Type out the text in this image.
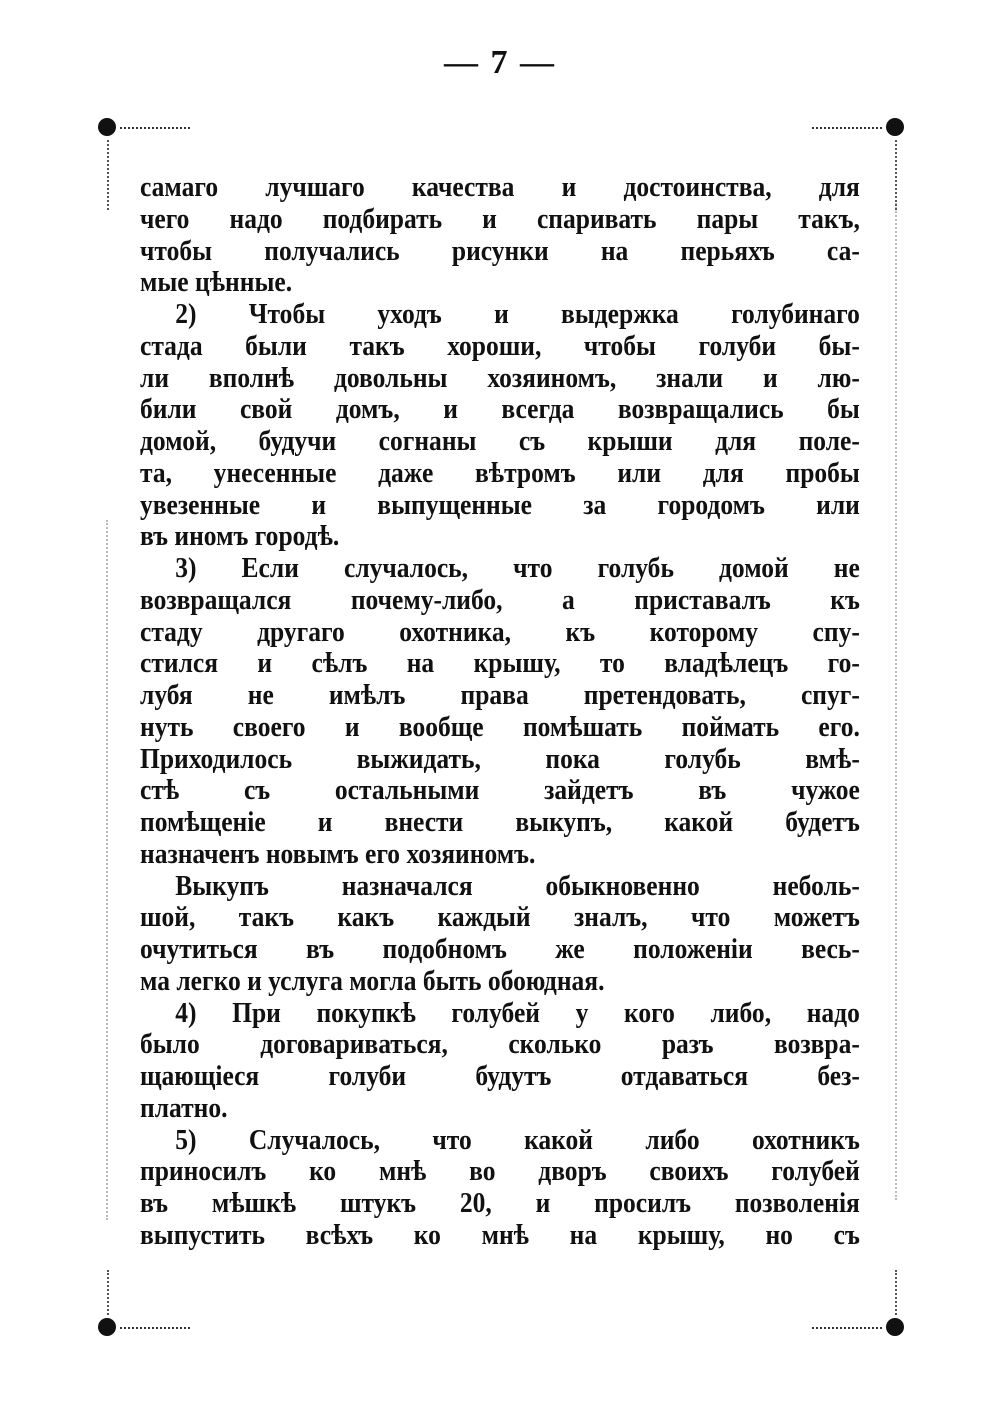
— 7 —
самаго лучшаго качества и достоинства, для
чего надо подбирать и спаривать пары такъ,
чтобы получались рисунки на перьяхъ са-
мые цѣнные.
2) Чтобы уходъ и выдержка голубинаго
стада были такъ хороши, чтобы голуби бы-
ли вполнѣ довольны хозяиномъ, знали и лю-
били свой домъ, и всегда возвращались бы
домой, будучи согнаны съ крыши для поле-
та, унесенные даже вѣтромъ или для пробы
увезенные и выпущенные за городомъ или
въ иномъ городѣ.
3) Если случалось, что голубь домой не
возвращался почему-либо, а приставалъ къ
стаду другаго охотника, къ которому спу-
стился и сѣлъ на крышу, то владѣлецъ го-
лубя не имѣлъ права претендовать, спуг-
нуть своего и вообще помѣшать поймать его.
Приходилось выжидать, пока голубь вмѣ-
стѣ съ остальными зайдетъ въ чужое
помѣщеніе и внести выкупъ, какой будетъ
назначенъ новымъ его хозяиномъ.
Выкупъ назначался обыкновенно неболь-
шой, такъ какъ каждый зналъ, что можетъ
очутиться въ подобномъ же положеніи весь-
ма легко и услуга могла быть обоюдная.
4) При покупкѣ голубей у кого либо, надо
было договариваться, сколько разъ возвра-
щающіеся голуби будутъ отдаваться без-
платно.
5) Случалось, что какой либо охотникъ
приносилъ ко мнѣ во дворъ своихъ голубей
въ мѣшкѣ штукъ 20, и просилъ позволенія
выпустить всѣхъ ко мнѣ на крышу, но съ
